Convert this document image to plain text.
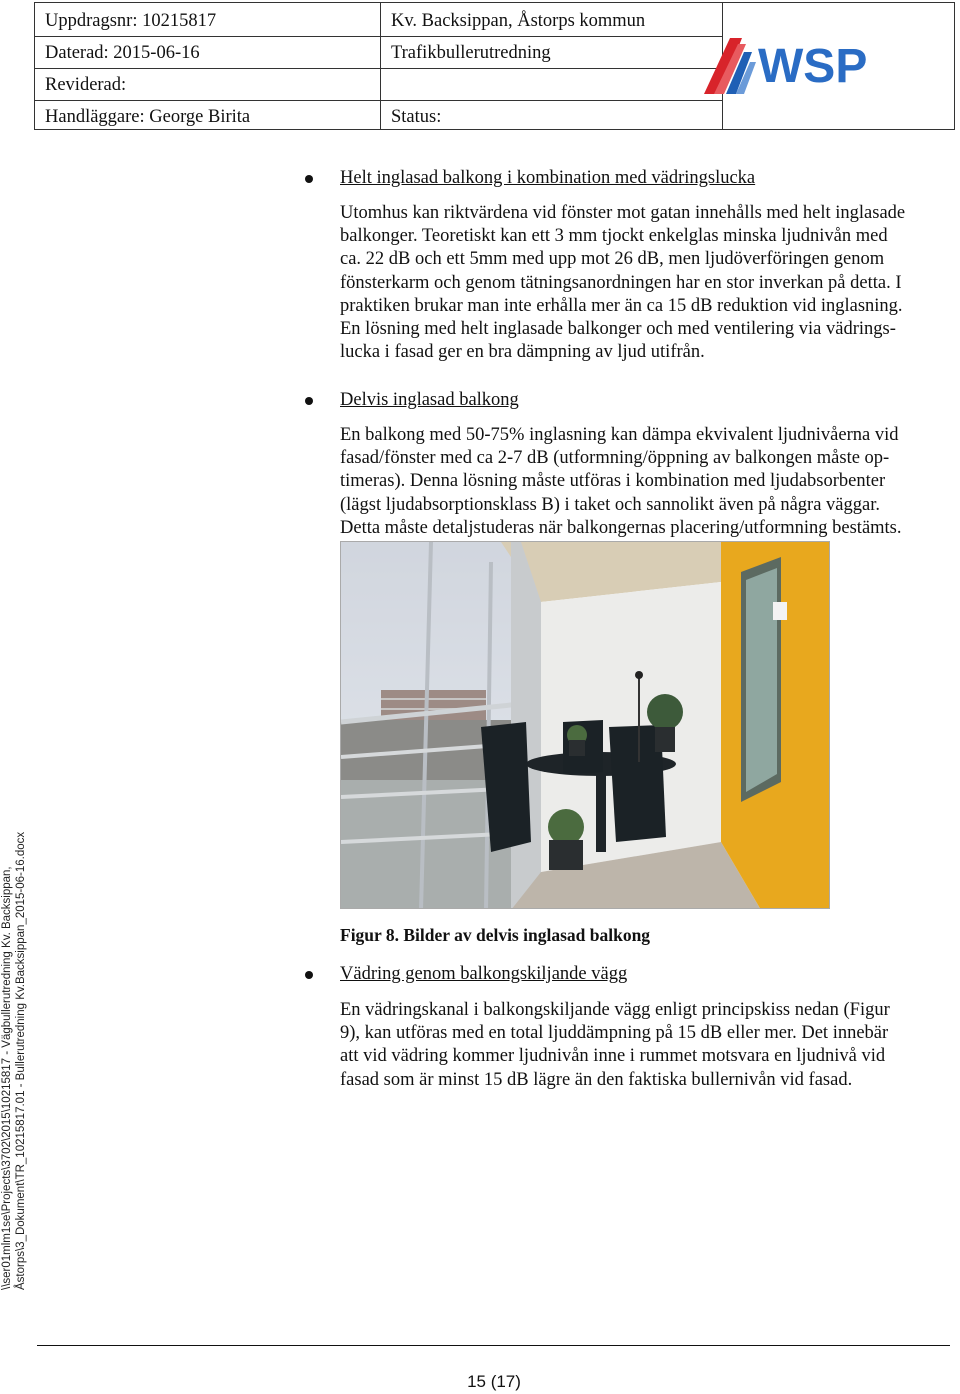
Uppdragsnr: 10215817	Kv. Backsippan, Åstorps kommun
Daterad: 2015-06-16	Trafikbullerutredning
Reviderad:
Handläggare: George Birita	Status:
WSP
Helt inglasad balkong i kombination med vädringslucka
Utomhus kan riktvärdena vid fönster mot gatan innehålls med helt inglasade
balkonger. Teoretiskt kan ett 3 mm tjockt enkelglas minska ljudnivån med
ca. 22 dB och ett 5mm med upp mot 26 dB, men ljudöverföringen genom
fönsterkarm och genom tätningsanordningen har en stor inverkan på detta. I
praktiken brukar man inte erhålla mer än ca 15 dB reduktion vid inglasning.
En lösning med helt inglasade balkonger och med ventilering via vädrings-
lucka i fasad ger en bra dämpning av ljud utifrån.
Delvis inglasad balkong
En balkong med 50-75% inglasning kan dämpa ekvivalent ljudnivåerna vid
fasad/fönster med ca 2-7 dB (utformning/öppning av balkongen måste op-
timeras). Denna lösning måste utföras i kombination med ljudabsorbenter
(lägst ljudabsorptionsklass B) i taket och sannolikt även på några väggar.
Detta måste detaljstuderas när balkongernas placering/utformning bestämts.
Figur 8. Bilder av delvis inglasad balkong
Vädring genom balkongskiljande vägg
En vädringskanal i balkongskiljande vägg enligt principskiss nedan (Figur
9), kan utföras med en total ljuddämpning på 15 dB eller mer. Det innebär
att vid vädring kommer ljudnivån inne i rummet motsvara en ljudnivå vid
fasad som är minst 15 dB lägre än den faktiska bullernivån vid fasad.
\\ser01mlm1se\Projects\3702\2015\10215817 - Vägbullerutredning Kv. Backsippan, Åstorps\3_Dokument\TR_10215817.01 - Bullerutredning Kv.Backsippan_2015-06-16.docx
15 (17)
